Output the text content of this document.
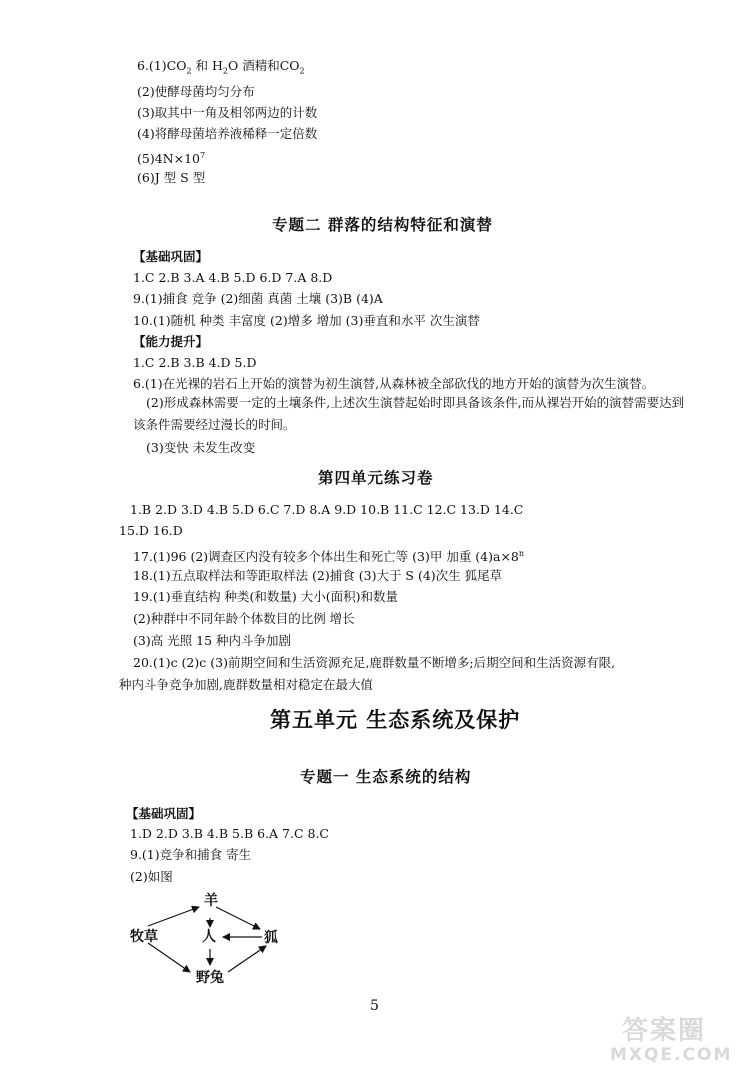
$6.(1)CO_2$ 和 $H_2O$ 酒精和$CO_2$
(2)使酵母菌均匀分布
(3)取其中一角及相邻两边的计数
(4)将酵母菌培养液稀释一定倍数
$(5)4N\times 10^7$
(6)J 型 S 型
专题二 群落的结构特征和演替
【基础巩固】
1.C 2.B 3.A 4.B 5.D 6.D 7.A 8.D
9.(1)捕食 竞争 (2)细菌 真菌 土壤 (3)B (4)A
10.(1)随机 种类 丰富度 (2)增多 增加 (3)垂直和水平 次生演替
【能力提升】
1.C 2.B 3.B 4.D 5.D
6.(1)在光裸的岩石上开始的演替为初生演替,从森林被全部砍伐的地方开始的演替为次生演替。
(2)形成森林需要一定的土壤条件,上述次生演替起始时即具备该条件,而从裸岩开始的演替需要达到该条件需要经过漫长的时间。
(3)变快 未发生改变
第四单元练习卷
1.B 2.D 3.D 4.B 5.D 6.C 7.D 8.A 9.D 10.B 11.C 12.C 13.D 14.C
15.D 16.D
17.(1)96 (2)调查区内没有较多个体出生和死亡等 (3)甲 加重 $(4)a\times 8^n$
18.(1)五点取样法和等距取样法 (2)捕食 (3)大于 S (4)次生 狐尾草
19.(1)垂直结构 种类(和数量) 大小(面积)和数量
(2)种群中不同年龄个体数目的比例 增长
(3)高 光照 15 种内斗争加剧
20.(1)c (2)c (3)前期空间和生活资源充足,鹿群数量不断增多;后期空间和生活资源有限,
种内斗争竞争加剧,鹿群数量相对稳定在最大值
第五单元 生态系统及保护
专题一 生态系统的结构
【基础巩固】
1.D 2.D 3.B 4.B 5.B 6.A 7.C 8.C
9.(1)竞争和捕食 寄生
(2)如图
羊
牧草	人	狐
野兔
5
答案圈
MXQE.COM
